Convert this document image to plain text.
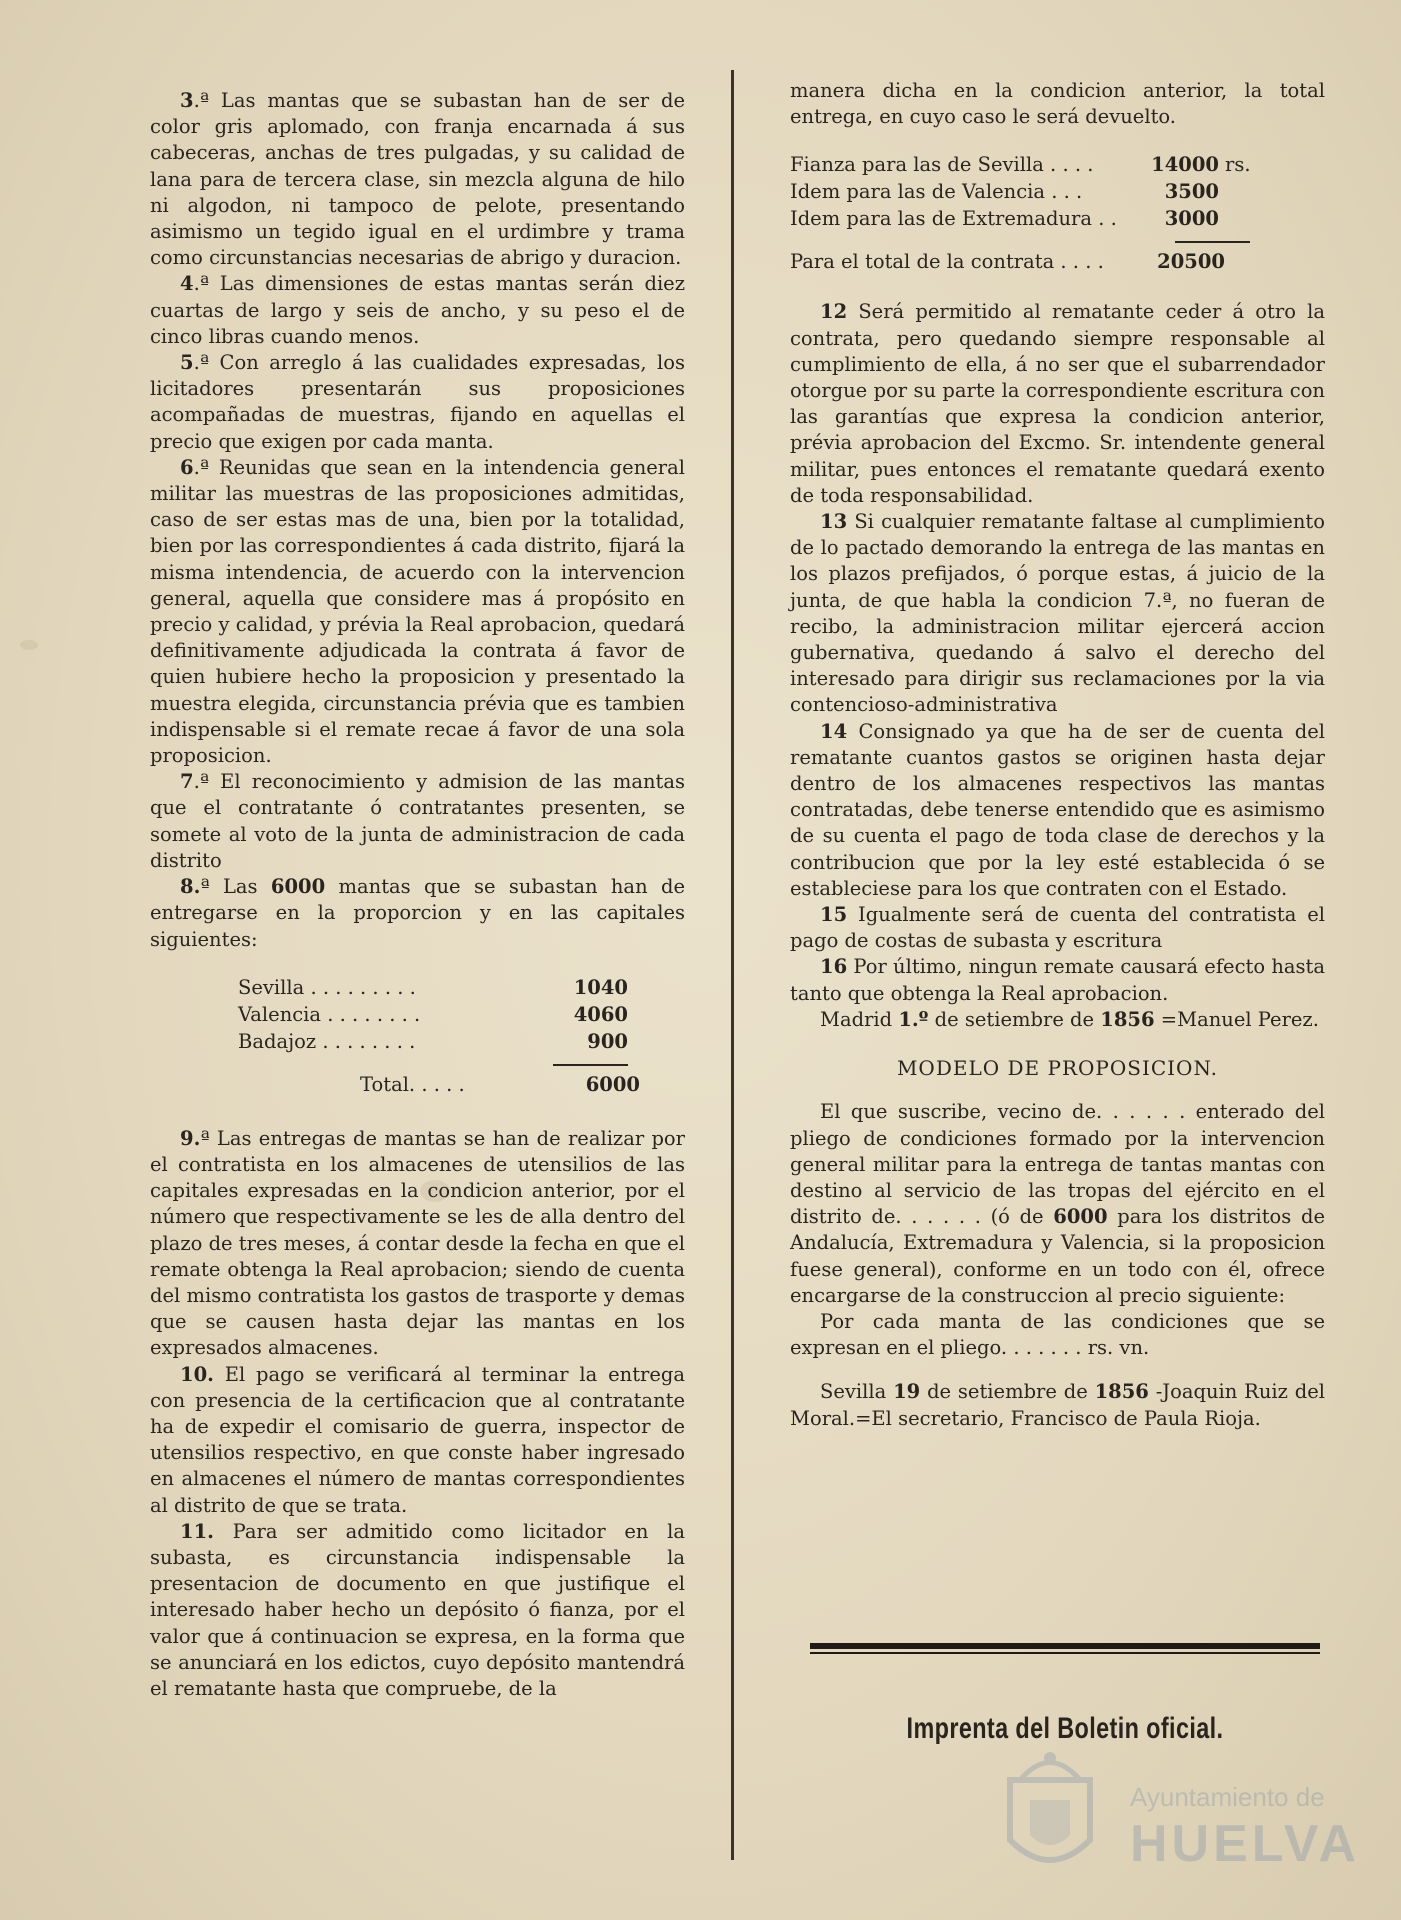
3.ª Las mantas que se subastan han de ser de color gris aplomado, con franja encarnada á sus cabeceras, anchas de tres pulgadas, y su calidad de lana para de tercera clase, sin mezcla alguna de hilo ni algodon, ni tampoco de pelote, presentando asimismo un tegido igual en el urdimbre y trama como circunstancias necesarias de abrigo y duracion.

4.ª Las dimensiones de estas mantas serán diez cuartas de largo y seis de ancho, y su peso el de cinco libras cuando menos.

5.ª Con arreglo á las cualidades expresadas, los licitadores presentarán sus proposiciones acompañadas de muestras, fijando en aquellas el precio que exigen por cada manta.

6.ª Reunidas que sean en la intendencia general militar las muestras de las proposiciones admitidas, caso de ser estas mas de una, bien por la totalidad, bien por las correspondientes á cada distrito, fijará la misma intendencia, de acuerdo con la intervencion general, aquella que considere mas á propósito en precio y calidad, y prévia la Real aprobacion, quedará definitivamente adjudicada la contrata á favor de quien hubiere hecho la proposicion y presentado la muestra elegida, circunstancia prévia que es tambien indispensable si el remate recae á favor de una sola proposicion.

7.ª El reconocimiento y admision de las mantas que el contratante ó contratantes presenten, se somete al voto de la junta de administracion de cada distrito

8.ª Las 6000 mantas que se subastan han de entregarse en la proporcion y en las capitales siguientes:

Sevilla . . . . . . . . .	1040
Valencia . . . . . . . .	4060
Badajoz . . . . . . . .	900
Total. . . . .	6000

9.ª Las entregas de mantas se han de realizar por el contratista en los almacenes de utensilios de las capitales expresadas en la condicion anterior, por el número que respectivamente se les de alla dentro del plazo de tres meses, á contar desde la fecha en que el remate obtenga la Real aprobacion; siendo de cuenta del mismo contratista los gastos de trasporte y demas que se causen hasta dejar las mantas en los expresados almacenes.

10. El pago se verificará al terminar la entrega con presencia de la certificacion que al contratante ha de expedir el comisario de guerra, inspector de utensilios respectivo, en que conste haber ingresado en almacenes el número de mantas correspondientes al distrito de que se trata.

11. Para ser admitido como licitador en la subasta, es circunstancia indispensable la presentacion de documento en que justifique el interesado haber hecho un depósito ó fianza, por el valor que á continuacion se expresa, en la forma que se anunciará en los edictos, cuyo depósito mantendrá el rematante hasta que compruebe, de la

manera dicha en la condicion anterior, la total entrega, en cuyo caso le será devuelto.

Fianza para las de Sevilla . . . .	14000 rs.
Idem para las de Valencia . . .	3500
Idem para las de Extremadura . .	3000
Para el total de la contrata . . . .	20500

12 Será permitido al rematante ceder á otro la contrata, pero quedando siempre responsable al cumplimiento de ella, á no ser que el subarrendador otorgue por su parte la correspondiente escritura con las garantías que expresa la condicion anterior, prévia aprobacion del Excmo. Sr. intendente general militar, pues entonces el rematante quedará exento de toda responsabilidad.

13 Si cualquier rematante faltase al cumplimiento de lo pactado demorando la entrega de las mantas en los plazos prefijados, ó porque estas, á juicio de la junta, de que habla la condicion 7.ª, no fueran de recibo, la administracion militar ejercerá accion gubernativa, quedando á salvo el derecho del interesado para dirigir sus reclamaciones por la via contencioso-administrativa

14 Consignado ya que ha de ser de cuenta del rematante cuantos gastos se originen hasta dejar dentro de los almacenes respectivos las mantas contratadas, debe tenerse entendido que es asimismo de su cuenta el pago de toda clase de derechos y la contribucion que por la ley esté establecida ó se estableciese para los que contraten con el Estado.

15 Igualmente será de cuenta del contratista el pago de costas de subasta y escritura

16 Por último, ningun remate causará efecto hasta tanto que obtenga la Real aprobacion.

Madrid 1.º de setiembre de 1856 =Manuel Perez.

MODELO DE PROPOSICION.

El que suscribe, vecino de. . . . . . enterado del pliego de condiciones formado por la intervencion general militar para la entrega de tantas mantas con destino al servicio de las tropas del ejército en el distrito de. . . . . . (ó de 6000 para los distritos de Andalucía, Extremadura y Valencia, si la proposicion fuese general), conforme en un todo con él, ofrece encargarse de la construccion al precio siguiente:

Por cada manta de las condiciones que se expresan en el pliego. . . . . . . rs. vn.

Sevilla 19 de setiembre de 1856 -Joaquin Ruiz del Moral.=El secretario, Francisco de Paula Rioja.

Imprenta del Boletin oficial.
Ayuntamiento de
HUELVA
